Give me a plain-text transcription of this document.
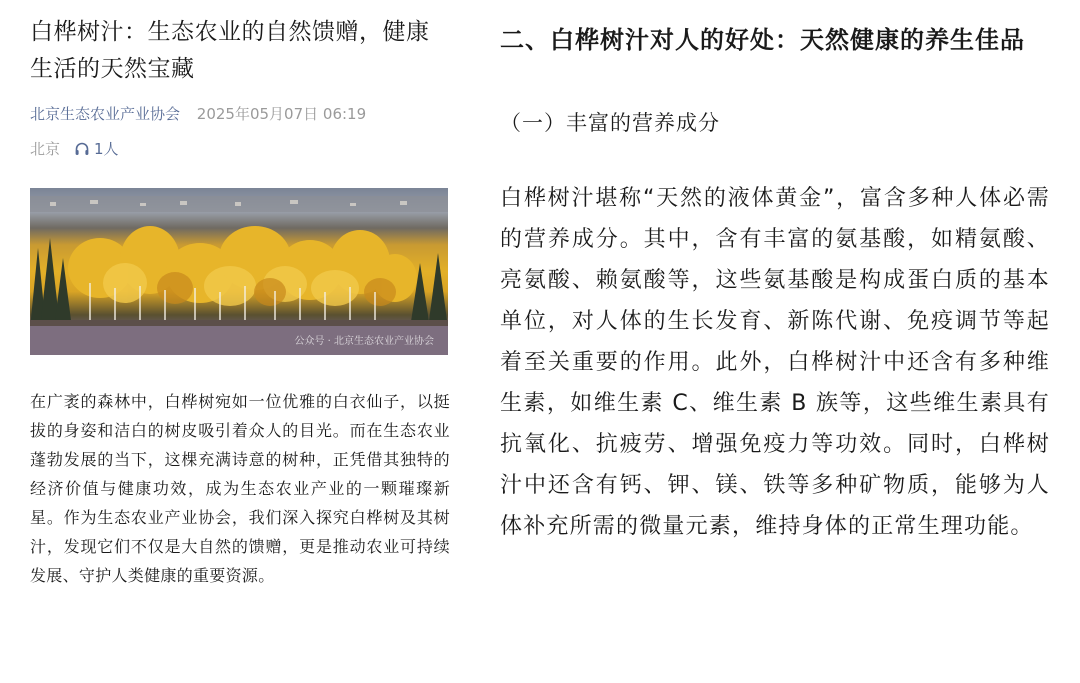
白桦树汁：生态农业的自然馈赠，健康生活的天然宝藏
北京生态农业产业协会 2025年05月07日 06:19
北京 1人
公众号 · 北京生态农业产业协会

在广袤的森林中，白桦树宛如一位优雅的白衣仙子，以挺拔的身姿和洁白的树皮吸引着众人的目光。而在生态农业蓬勃发展的当下，这棵充满诗意的树种，正凭借其独特的经济价值与健康功效，成为生态农业产业的一颗璀璨新星。作为生态农业产业协会，我们深入探究白桦树及其树汁，发现它们不仅是大自然的馈赠，更是推动农业可持续发展、守护人类健康的重要资源。

二、白桦树汁对人的好处：天然健康的养生佳品
（一）丰富的营养成分

白桦树汁堪称“天然的液体黄金”，富含多种人体必需的营养成分。其中，含有丰富的氨基酸，如精氨酸、亮氨酸、赖氨酸等，这些氨基酸是构成蛋白质的基本单位，对人体的生长发育、新陈代谢、免疫调节等起着至关重要的作用。此外，白桦树汁中还含有多种维生素，如维生素 C、维生素 B 族等，这些维生素具有抗氧化、抗疲劳、增强免疫力等功效。同时，白桦树汁中还含有钙、钾、镁、铁等多种矿物质，能够为人体补充所需的微量元素，维持身体的正常生理功能。
